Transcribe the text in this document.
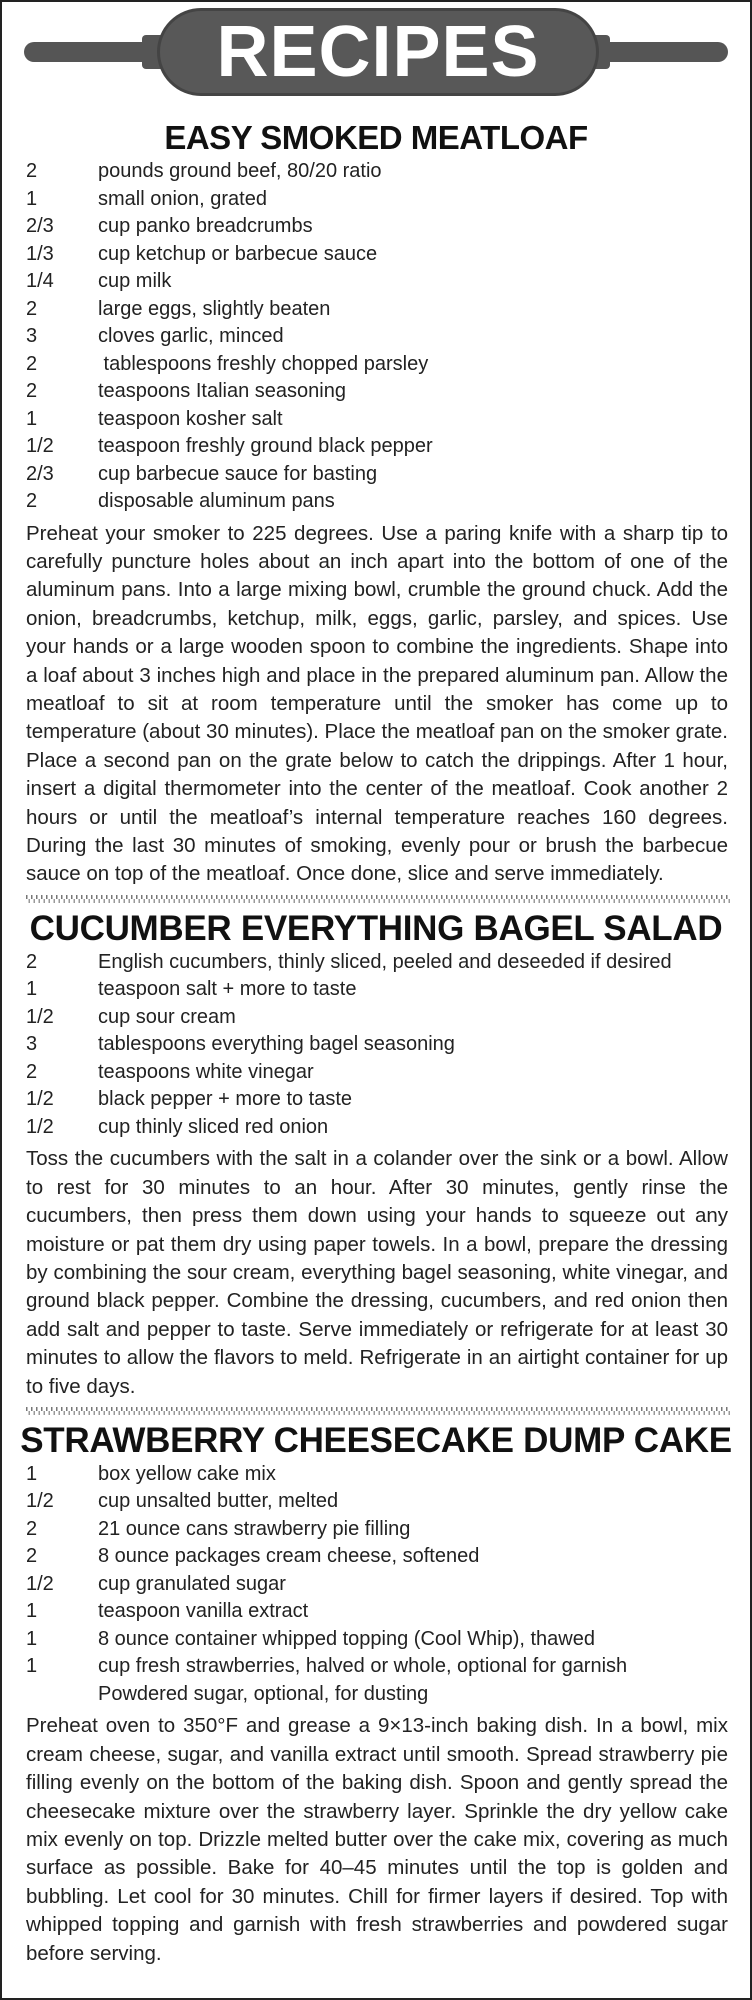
RECIPES
EASY SMOKED MEATLOAF
2	pounds ground beef, 80/20 ratio
1	small onion, grated
2/3	cup panko breadcrumbs
1/3	cup ketchup or barbecue sauce
1/4	cup milk
2	large eggs, slightly beaten
3	cloves garlic, minced
2	tablespoons freshly chopped parsley
2	teaspoons Italian seasoning
1	teaspoon kosher salt
1/2	teaspoon freshly ground black pepper
2/3	cup barbecue sauce for basting
2	disposable aluminum pans

Preheat your smoker to 225 degrees. Use a paring knife with a sharp tip to carefully puncture holes about an inch apart into the bottom of one of the aluminum pans. Into a large mixing bowl, crumble the ground chuck. Add the onion, breadcrumbs, ketchup, milk, eggs, garlic, parsley, and spices. Use your hands or a large wooden spoon to combine the ingredients. Shape into a loaf about 3 inches high and place in the prepared aluminum pan. Allow the meatloaf to sit at room temperature until the smoker has come up to temperature (about 30 minutes). Place the meatloaf pan on the smoker grate. Place a second pan on the grate below to catch the drippings. After 1 hour, insert a digital thermometer into the center of the meatloaf. Cook another 2 hours or until the meatloaf’s internal temperature reaches 160 degrees. During the last 30 minutes of smoking, evenly pour or brush the barbecue sauce on top of the meatloaf. Once done, slice and serve immediately.

CUCUMBER EVERYTHING BAGEL SALAD
2	English cucumbers, thinly sliced, peeled and deseeded if desired
1	teaspoon salt + more to taste
1/2	cup sour cream
3	tablespoons everything bagel seasoning
2	teaspoons white vinegar
1/2	black pepper + more to taste
1/2	cup thinly sliced red onion

Toss the cucumbers with the salt in a colander over the sink or a bowl. Allow to rest for 30 minutes to an hour. After 30 minutes, gently rinse the cucumbers, then press them down using your hands to squeeze out any moisture or pat them dry using paper towels. In a bowl, prepare the dressing by combining the sour cream, everything bagel seasoning, white vinegar, and ground black pepper. Combine the dressing, cucumbers, and red onion then add salt and pepper to taste. Serve immediately or refrigerate for at least 30 minutes to allow the flavors to meld. Refrigerate in an airtight container for up to five days.

STRAWBERRY CHEESECAKE DUMP CAKE
1	box yellow cake mix
1/2	cup unsalted butter, melted
2	21 ounce cans strawberry pie filling
2	8 ounce packages cream cheese, softened
1/2	cup granulated sugar
1	teaspoon vanilla extract
1	8 ounce container whipped topping (Cool Whip), thawed
1	cup fresh strawberries, halved or whole, optional for garnish
Powdered sugar, optional, for dusting

Preheat oven to 350°F and grease a 9×13-inch baking dish. In a bowl, mix cream cheese, sugar, and vanilla extract until smooth. Spread strawberry pie filling evenly on the bottom of the baking dish. Spoon and gently spread the cheesecake mixture over the strawberry layer. Sprinkle the dry yellow cake mix evenly on top. Drizzle melted butter over the cake mix, covering as much surface as possible. Bake for 40–45 minutes until the top is golden and bubbling. Let cool for 30 minutes. Chill for firmer layers if desired. Top with whipped topping and garnish with fresh strawberries and powdered sugar before serving.
